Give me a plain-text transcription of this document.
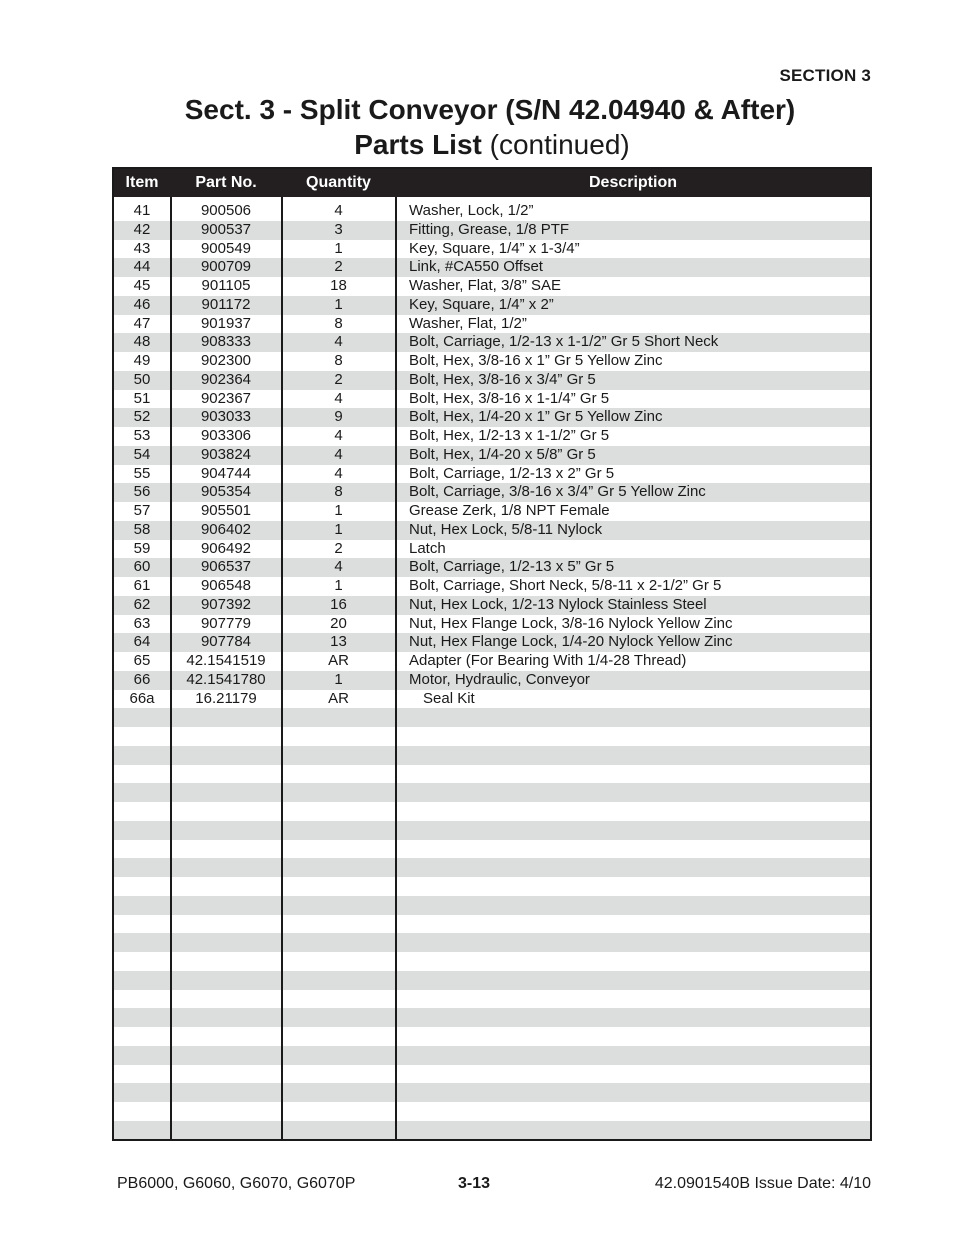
SECTION 3
Sect. 3 - Split Conveyor (S/N 42.04940 & After)
Parts List (continued)
Item	Part No.	Quantity	Description
41	900506	4	Washer, Lock, 1/2”
42	900537	3	Fitting, Grease, 1/8 PTF
43	900549	1	Key, Square, 1/4” x 1-3/4”
44	900709	2	Link, #CA550 Offset
45	901105	18	Washer, Flat, 3/8” SAE
46	901172	1	Key, Square, 1/4” x 2”
47	901937	8	Washer, Flat, 1/2”
48	908333	4	Bolt, Carriage, 1/2-13 x 1-1/2” Gr 5 Short Neck
49	902300	8	Bolt, Hex, 3/8-16 x 1” Gr 5 Yellow Zinc
50	902364	2	Bolt, Hex, 3/8-16 x 3/4” Gr 5
51	902367	4	Bolt, Hex, 3/8-16 x 1-1/4” Gr 5
52	903033	9	Bolt, Hex, 1/4-20 x 1” Gr 5 Yellow Zinc
53	903306	4	Bolt, Hex, 1/2-13 x 1-1/2” Gr 5
54	903824	4	Bolt, Hex, 1/4-20 x 5/8” Gr 5
55	904744	4	Bolt, Carriage, 1/2-13 x 2” Gr 5
56	905354	8	Bolt, Carriage, 3/8-16 x 3/4” Gr 5 Yellow Zinc
57	905501	1	Grease Zerk, 1/8 NPT Female
58	906402	1	Nut, Hex Lock, 5/8-11 Nylock
59	906492	2	Latch
60	906537	4	Bolt, Carriage, 1/2-13 x 5” Gr 5
61	906548	1	Bolt, Carriage, Short Neck, 5/8-11 x 2-1/2” Gr 5
62	907392	16	Nut, Hex Lock, 1/2-13 Nylock Stainless Steel
63	907779	20	Nut, Hex Flange Lock, 3/8-16 Nylock Yellow Zinc
64	907784	13	Nut, Hex Flange Lock, 1/4-20 Nylock Yellow Zinc
65	42.1541519	AR	Adapter (For Bearing With 1/4-28 Thread)
66	42.1541780	1	Motor, Hydraulic, Conveyor
66a	16.21179	AR	Seal Kit
PB6000, G6060, G6070, G6070P	3-13	42.0901540B Issue Date: 4/10
